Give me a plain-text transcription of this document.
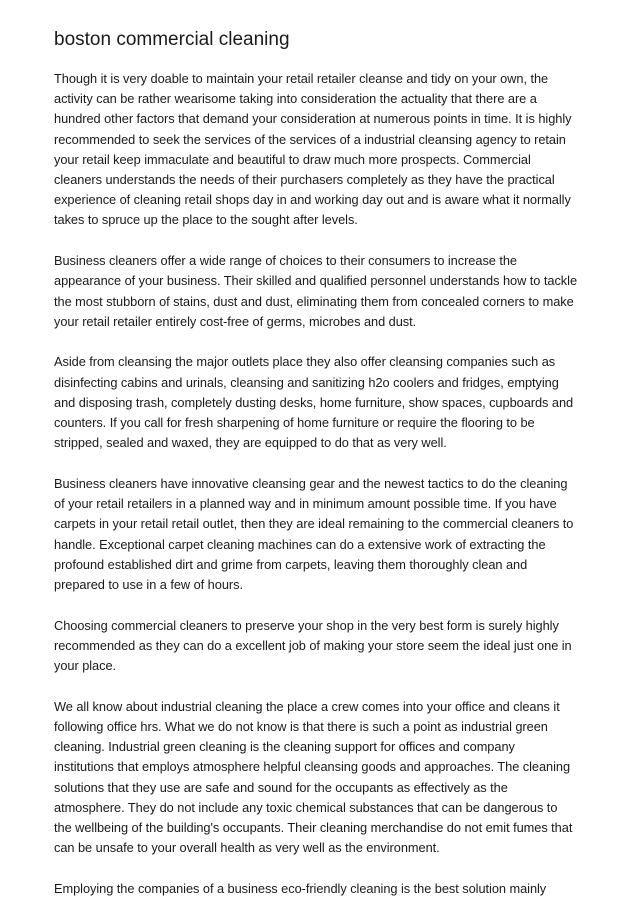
boston commercial cleaning

Though it is very doable to maintain your retail retailer cleanse and tidy on your own, the
activity can be rather wearisome taking into consideration the actuality that there are a
hundred other factors that demand your consideration at numerous points in time. It is highly
recommended to seek the services of the services of a industrial cleansing agency to retain
your retail keep immaculate and beautiful to draw much more prospects. Commercial
cleaners understands the needs of their purchasers completely as they have the practical
experience of cleaning retail shops day in and working day out and is aware what it normally
takes to spruce up the place to the sought after levels.

Business cleaners offer a wide range of choices to their consumers to increase the
appearance of your business. Their skilled and qualified personnel understands how to tackle
the most stubborn of stains, dust and dust, eliminating them from concealed corners to make
your retail retailer entirely cost-free of germs, microbes and dust.

Aside from cleansing the major outlets place they also offer cleansing companies such as
disinfecting cabins and urinals, cleansing and sanitizing h2o coolers and fridges, emptying
and disposing trash, completely dusting desks, home furniture, show spaces, cupboards and
counters. If you call for fresh sharpening of home furniture or require the flooring to be
stripped, sealed and waxed, they are equipped to do that as very well.

Business cleaners have innovative cleansing gear and the newest tactics to do the cleaning
of your retail retailers in a planned way and in minimum amount possible time. If you have
carpets in your retail retail outlet, then they are ideal remaining to the commercial cleaners to
handle. Exceptional carpet cleaning machines can do a extensive work of extracting the
profound established dirt and grime from carpets, leaving them thoroughly clean and
prepared to use in a few of hours.

Choosing commercial cleaners to preserve your shop in the very best form is surely highly
recommended as they can do a excellent job of making your store seem the ideal just one in
your place.

We all know about industrial cleaning the place a crew comes into your office and cleans it
following office hrs. What we do not know is that there is such a point as industrial green
cleaning. Industrial green cleaning is the cleaning support for offices and company
institutions that employs atmosphere helpful cleansing goods and approaches. The cleaning
solutions that they use are safe and sound for the occupants as effectively as the
atmosphere. They do not include any toxic chemical substances that can be dangerous to
the wellbeing of the building's occupants. Their cleaning merchandise do not emit fumes that
can be unsafe to your overall health as very well as the environment.

Employing the companies of a business eco-friendly cleaning is the best solution mainly
